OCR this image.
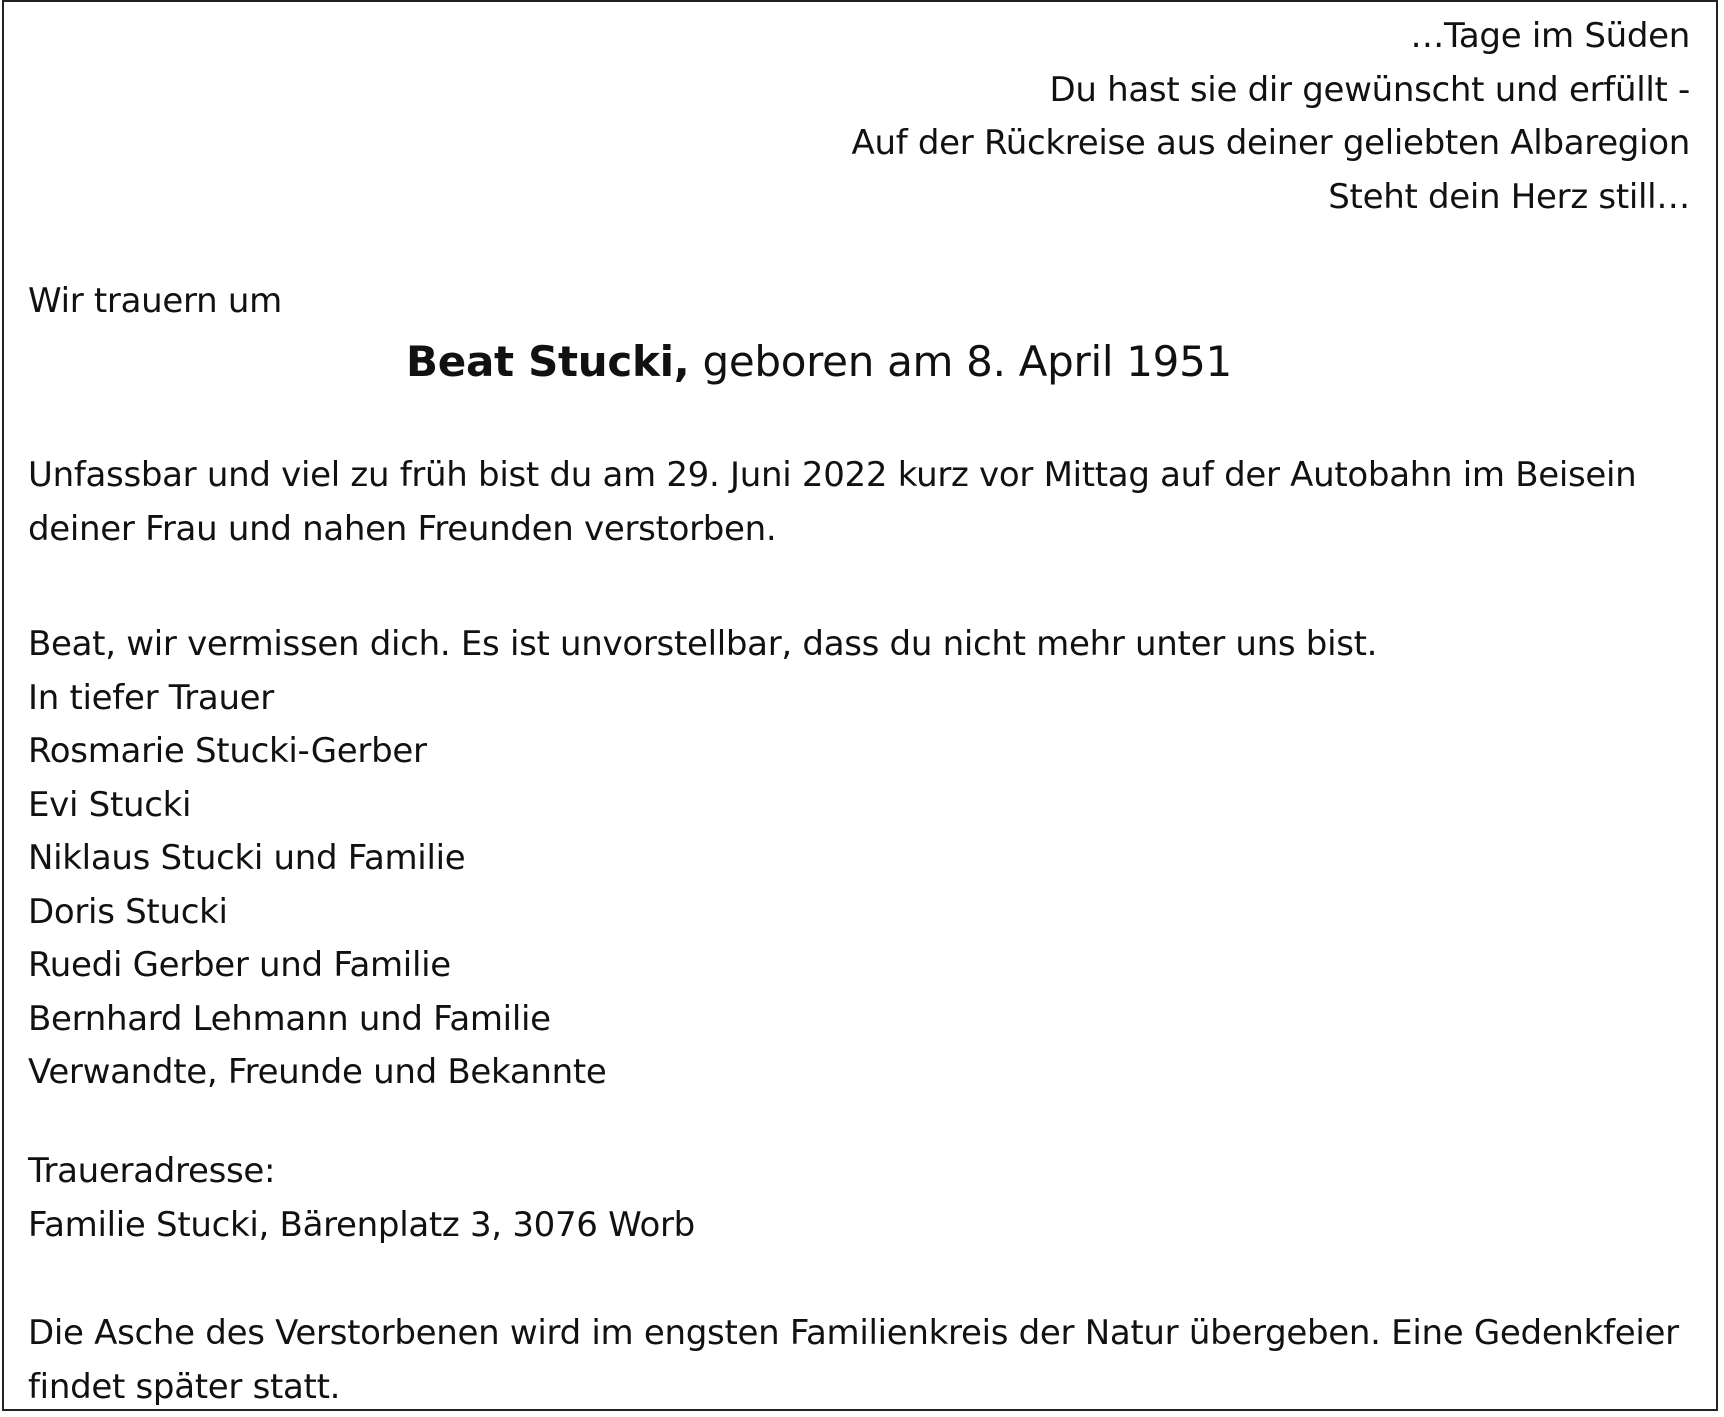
…Tage im Süden
Du hast sie dir gewünscht und erfüllt -
Auf der Rückreise aus deiner geliebten Albaregion
Steht dein Herz still…
Wir trauern um
Beat Stucki, geboren am 8. April 1951
Unfassbar und viel zu früh bist du am 29. Juni 2022 kurz vor Mittag auf der Autobahn im Beisein
deiner Frau und nahen Freunden verstorben.
Beat, wir vermissen dich. Es ist unvorstellbar, dass du nicht mehr unter uns bist.
In tiefer Trauer
Rosmarie Stucki-Gerber
Evi Stucki
Niklaus Stucki und Familie
Doris Stucki
Ruedi Gerber und Familie
Bernhard Lehmann und Familie
Verwandte, Freunde und Bekannte
Traueradresse:
Familie Stucki, Bärenplatz 3, 3076 Worb
Die Asche des Verstorbenen wird im engsten Familienkreis der Natur übergeben. Eine Gedenkfeier
findet später statt.
